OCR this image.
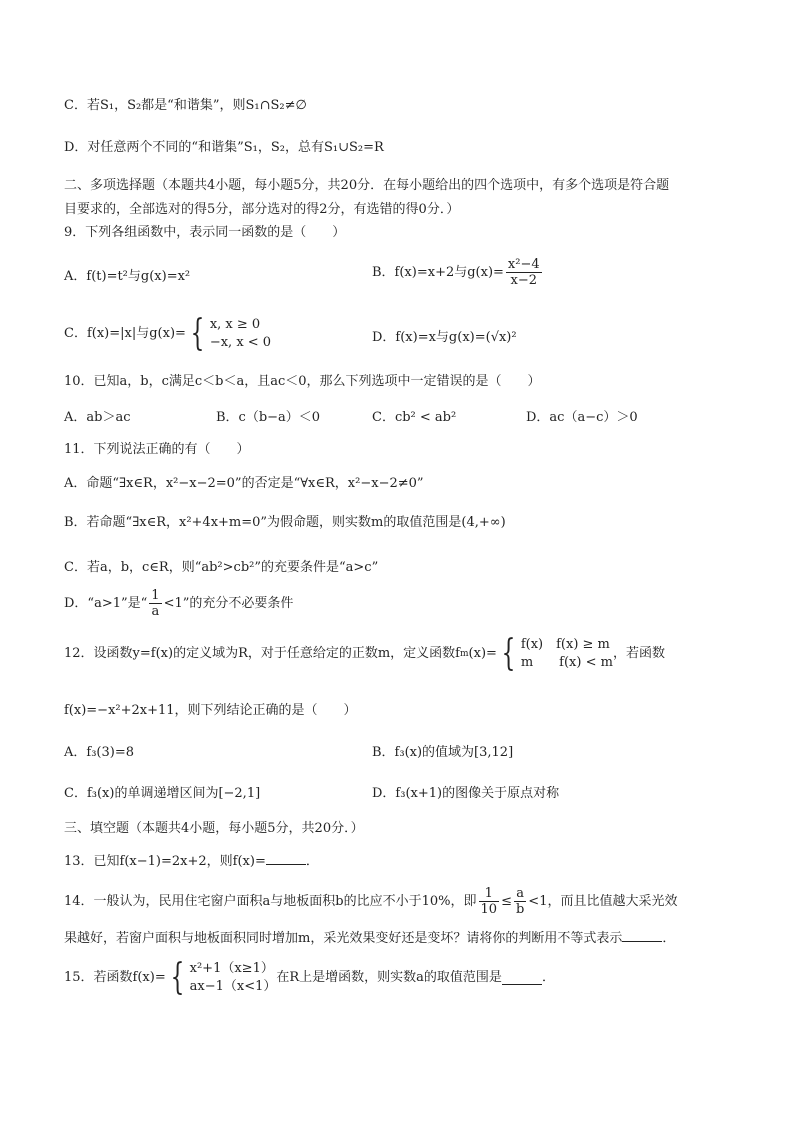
C．若S₁，S₂都是“和谐集”，则S₁∩S₂≠∅
D．对任意两个不同的“和谐集”S₁，S₂，总有S₁∪S₂=R
二、多项选择题（本题共4小题，每小题5分，共20分．在每小题给出的四个选项中，有多个选项是符合题
目要求的，全部选对的得5分，部分选对的得2分，有选错的得0分．）
9．下列各组函数中，表示同一函数的是（　　）
A．f(t)=t²与g(x)=x²	B．f(x)=x+2与$g(x)= \frac{\text{x²−4}}{x-2}$
C．f(x)=|x|与g(x)= { x, x ≥ 0
−x, x < 0	D．f(x)=x与g(x)=(√x)²
10．已知a，b，c满足c＜b＜a，且ac＜0，那么下列选项中一定错误的是（　　）
A．ab＞ac	B．c（b−a）＜0	C．cb² < ab²	D．ac（a−c）＞0
11．下列说法正确的有（　　）
A．命题“∃x∈R，x²−x−2=0”的否定是“∀x∈R，x²−x−2≠0”
B．若命题“∃x∈R，x²+4x+m=0”为假命题，则实数m的取值范围是(4,+∞)
C．若a，b，c∈R，则“ab²>cb²”的充要条件是“a>c”
D．“a>1”是“ $\frac{1}{a} <1$”的充分不必要条件
12．设函数y=f(x)的定义域为R，对于任意给定的正数m，定义函数f m (x)= { f(x)　f(x) ≥ m
m　　f(x) < m
，若函数
f(x)=−x²+2x+11，则下列结论正确的是（　　）
A．f₃(3)=8	B．f₃(x)的值域为[3,12]
C．f₃(x)的单调递增区间为[−2,1]	D．f₃(x+1)的图像关于原点对称
三、填空题（本题共4小题，每小题5分，共20分．）
13．已知f(x−1)=2x+2，则f(x)=	．
14．一般认为，民用住宅窗户面积a与地板面积b的比应不小于10%，即 $\frac{1}{10} \le \frac{a}{b} <1$，而且比值越大采光效
果越好，若窗户面积与地板面积同时增加m，采光效果变好还是变坏？请将你的判断用不等式表示	．
15．若函数f(x)= { x²+1（x≥1）
ax−1（x<1）
在R上是增函数，则实数a的取值范围是	．
